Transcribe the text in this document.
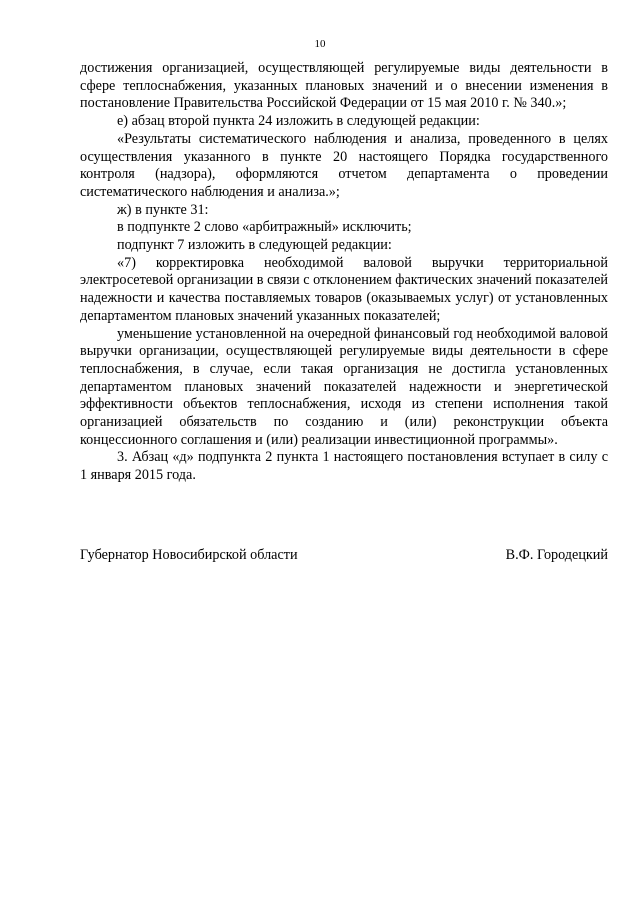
10

достижения организацией, осуществляющей регулируемые виды деятельности в сфере теплоснабжения, указанных плановых значений и о внесении изменения в постановление Правительства Российской Федерации от 15 мая 2010 г. № 340.»;

е) абзац второй пункта 24 изложить в следующей редакции:

«Результаты систематического наблюдения и анализа, проведенного в целях осуществления указанного в пункте 20 настоящего Порядка государственного контроля (надзора), оформляются отчетом департамента о проведении систематического наблюдения и анализа.»;

ж) в пункте 31:

в подпункте 2 слово «арбитражный» исключить;

подпункт 7 изложить в следующей редакции:

«7) корректировка необходимой валовой выручки территориальной электросетевой организации в связи с отклонением фактических значений показателей надежности и качества поставляемых товаров (оказываемых услуг) от установленных департаментом плановых значений указанных показателей;

уменьшение установленной на очередной финансовый год необходимой валовой выручки организации, осуществляющей регулируемые виды деятельности в сфере теплоснабжения, в случае, если такая организация не достигла установленных департаментом плановых значений показателей надежности и энергетической эффективности объектов теплоснабжения, исходя из степени исполнения такой организацией обязательств по созданию и (или) реконструкции объекта концессионного соглашения и (или) реализации инвестиционной программы».

3. Абзац «д» подпункта 2 пункта 1 настоящего постановления вступает в силу с 1 января 2015 года.

Губернатор Новосибирской области	В.Ф. Городецкий
